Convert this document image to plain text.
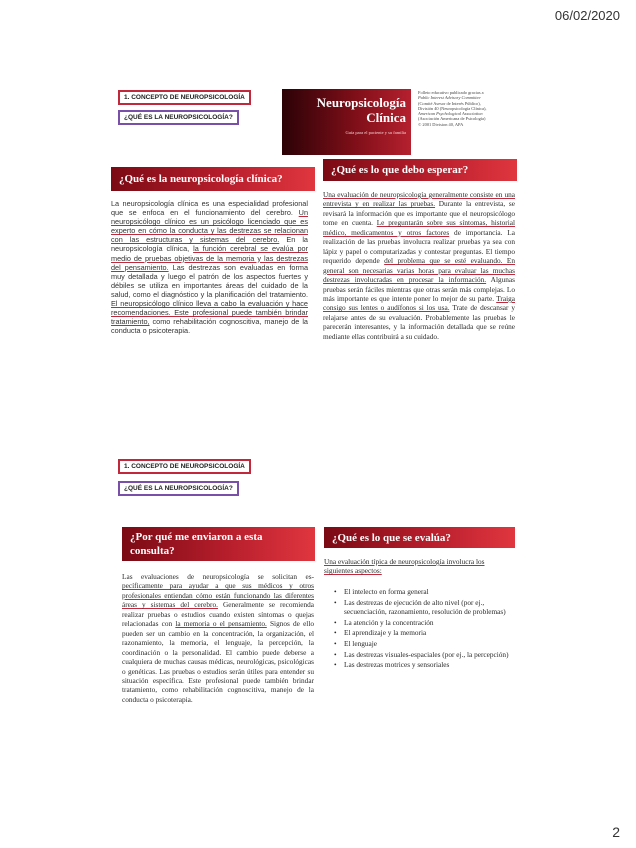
06/02/2020
1. CONCEPTO DE NEUROPSICOLOGÍA
¿QUÉ ES LA NEUROPSICOLOGÍA?
Neuropsicología
Clínica
Guía para el paciente y su familia
Folleto educativo publicado gracias a
Public Interest Advisory Committee
(Comité Asesor de Interés Público),
División 40 (Neuropsicología Clínica),
American Psychological Association
(Asociación Americana de Psicología)
© 2001 Division 40, APA
¿Qué es la neuropsicología clínica?
¿Qué es lo que debo esperar?
La neuropsicología clínica es una especialidad profesional que se enfoca en el funcionamiento del cerebro. Un neuropsicólogo clínico es un psicólogo licenciado que es experto en cómo la conducta y las destrezas se relacionan con las estructuras y sistemas del cerebro. En la neuropsicología clínica, la función cerebral se evalúa por medio de pruebas objetivas de la memoria y las destrezas del pensamiento. Las destrezas son evaluadas en forma muy detallada y luego el patrón de los aspectos fuertes y débiles se utiliza en importantes áreas del cuidado de la salud, como el diagnóstico y la planificación del tratamiento. El neuropsicólogo clínico lleva a cabo la evaluación y hace recomendaciones. Este profesional puede también brindar tratamiento, como rehabilitación cognoscitiva, manejo de la conducta o psicoterapia.
Una evaluación de neuropsicología generalmente consiste en una entrevista y en realizar las pruebas. Durante la entrevista, se revisará la información que es importante que el neuropsicólogo tome en cuenta. Le preguntarán sobre sus síntomas, historial médico, medicamentos y otros factores de importancia. La realización de las pruebas involucra realizar pruebas ya sea con lápiz y papel o computarizadas y contestar preguntas. El tiempo requerido depende del problema que se esté evaluando. En general son necesarias varias horas para evaluar las muchas destrezas involucradas en procesar la información. Algunas pruebas serán fáciles mientras que otras serán más complejas. Lo más importante es que intente poner lo mejor de su parte. Traiga consigo sus lentes o audífonos si los usa. Trate de descansar y relajarse antes de su evaluación. Probablemente las pruebas le parecerán interesantes, y la información detallada que se reúne mediante ellas contribuirá a su cuidado.
1. CONCEPTO DE NEUROPSICOLOGÍA
¿QUÉ ES LA NEUROPSICOLOGÍA?
¿Por qué me enviaron a esta
consulta?
¿Qué es lo que se evalúa?
Las evaluaciones de neuropsicología se solicitan es- pecíficamente para ayudar a que sus médicos y otros profesionales entiendan cómo están funcionando las diferentes áreas y sistemas del cerebro. Generalmente se recomienda realizar pruebas o estudios cuando existen síntomas o quejas relacionadas con la memoria o el pensamiento. Signos de ello pueden ser un cambio en la concentración, la organización, el razonamiento, la memoria, el lenguaje, la percepción, la coordinación o la personalidad. El cambio puede deberse a cualquiera de muchas causas médicas, neurológicas, psicológicas o genéticas. Las pruebas o estudios serán útiles para entender su situación específica. Este profesional puede también brindar tratamiento, como rehabilitación cognoscitiva, manejo de la conducta o psicoterapia.
Una evaluación típica de neuropsicología involucra los siguientes aspectos:
• El intelecto en forma general
• Las destrezas de ejecución de alto nivel (por ej., secuenciación, razonamiento, resolución de problemas)
• La atención y la concentración
• El aprendizaje y la memoria
• El lenguaje
• Las destrezas visuales-espaciales (por ej., la percepción)
• Las destrezas motrices y sensoriales
2
